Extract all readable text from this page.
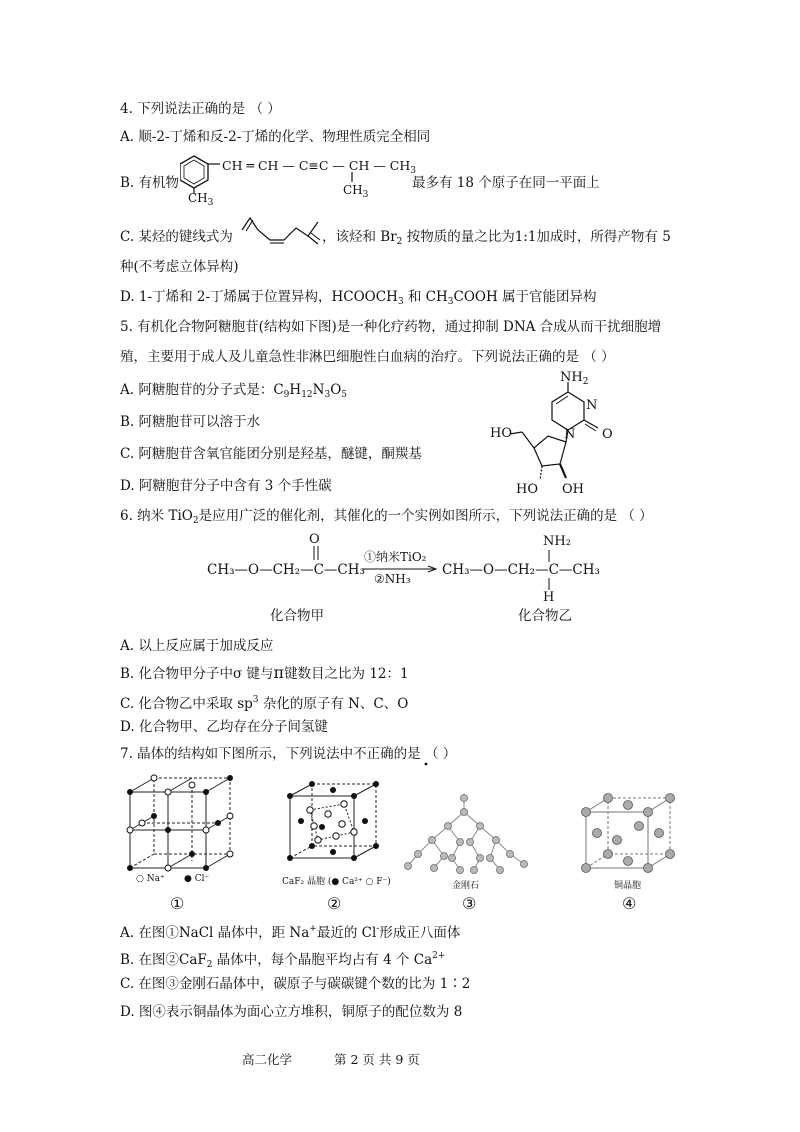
4. 下列说法正确的是 （ ）
A. 顺-2-丁烯和反-2-丁烯的化学、物理性质完全相同
B. 有机物
CH ═ CH — C≡C — CH — $CH_3$
$CH_3$
$CH_3$
最多有 18 个原子在同一平面上
C. 某烃的键线式为	，该烃和 $Br_2$ 按物质的量之比为1:1加成时，所得产物有 5
种(不考虑立体异构)
D. 1-丁烯和 2-丁烯属于位置异构，$HCOOCH_3$ 和 $CH_3COOH$ 属于官能团异构
5. 有机化合物阿糖胞苷(结构如下图)是一种化疗药物，通过抑制 DNA 合成从而干扰细胞增
殖，主要用于成人及儿童急性非淋巴细胞性白血病的治疗。下列说法正确的是 （ ）
A. 阿糖胞苷的分子式是：$C_9H_{12}N_3O_5$
B. 阿糖胞苷可以溶于水
C. 阿糖胞苷含氧官能团分别是羟基，醚键，酮羰基
D. 阿糖胞苷分子中含有 3 个手性碳
$NH_2$
N
N O
HO
HO OH
6. 纳米 TiO$_2$是应用广泛的催化剂，其催化的一个实例如图所示，下列说法正确的是 （ ）
O
CH₃—O—CH₂—C—CH₃
①纳米TiO₂
②NH₃
NH₂
CH₃—O—CH₂—C—CH₃
H
化合物甲	化合物乙
A. 以上反应属于加成反应
B. 化合物甲分子中σ 键与π键数目之比为 12：1
C. 化合物乙中采取 $sp^3$ 杂化的原子有 N、C、O
D. 化合物甲、乙均存在分子间氢键
7. 晶体的结构如下图所示，下列说法中不正确的是 （ ）
○ Na⁺ ● Cl⁻
①
CaF₂ 晶胞 (● Ca²⁺ ○ F⁻)
②
金刚石
③
铜晶胞
④
A. 在图①NaCl 晶体中，距 Na+最近的 Cl-形成正八面体
B. 在图②CaF$_2$ 晶体中，每个晶胞平均占有 4 个 $Ca^{2+}$
C. 在图③金刚石晶体中，碳原子与碳碳键个数的比为 1∶2
D. 图④表示铜晶体为面心立方堆积，铜原子的配位数为 8
高二化学	第 2 页 共 9 页
